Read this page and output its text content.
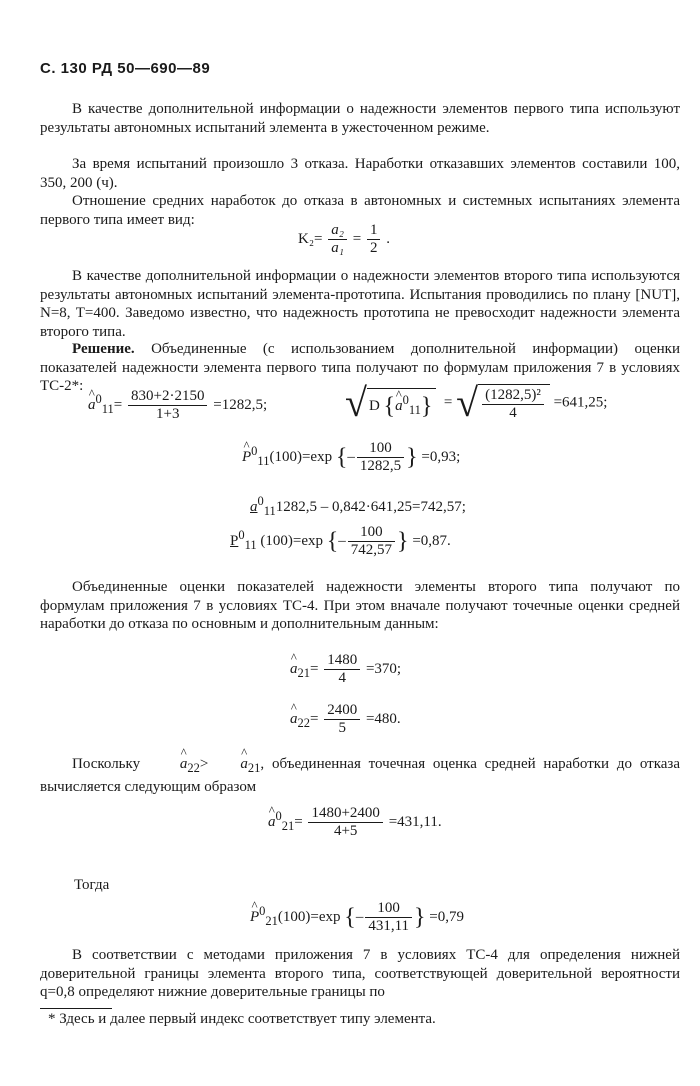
С. 130 РД 50—690—89

В качестве дополнительной информации о надежности элементов первого типа используют результаты автономных испытаний элемента в ужесточенном режиме.

За время испытаний произошло 3 отказа. Наработки отказавших элементов составили 100, 350, 200 (ч).

Отношение средних наработок до отказа в автономных и системных испытаниях элемента первого типа имеет вид:

$K_2= \frac{\text{a₂}}{\text{a₁}} = \frac{1}{2}$ .

В качестве дополнительной информации о надежности элементов второго типа используются результаты автономных испытаний элемента-прототипа. Испытания проводились по плану [NUT], N=8, T=400. Заведомо известно, что надежность прототипа не превосходит надежности элемента второго типа.

Решение. Объединенные (с использованием дополнительной информации) оценки показателей надежности элемента первого типа получают по формулам приложения 7 в условиях ТС-2*:

^ $a^0_{11}= \frac{830+2\cdot 2150}{1+3} =1282,5$; √ D {^ $a^0_{11}$}  = √ $\frac{\text{(1282,5)²}}{4} =641,25$;
^ $P^0_{11}(100)=\exp$ {– $\frac{100}{1282,5}$ } =0,93;
$a^0_{11}1282,5 - 0,842\cdot 641,25=742,57$;
$P^0_{11}$ (100)=exp {– $\frac{100}{742,57}$ } =0,87.

Объединенные оценки показателей надежности элементы второго типа получают по формулам приложения 7 в условиях ТС-4. При этом вначале получают точечные оценки средней наработки до отказа по основным и дополнительным данным:

^ $a_{21}= \frac{1480}{4} =370$;
^ $a_{22}= \frac{2400}{5} =480$.

Поскольку	^ $a_{22}>$ ^ $a_{21}$, объединенная точечная оценка средней наработки до отказа вычисляется следующим образом

^ $a^0_{21}= \frac{1480+2400}{4+5} =431,11$.

Тогда

^ $P^0_{21}(100)=\exp$ {– $\frac{100}{431,11}$ } =0,79

В соответствии с методами приложения 7 в условиях ТС-4 для определения нижней доверительной границы элемента второго типа, соответствующей доверительной вероятности q=0,8 определяют нижние доверительные границы по

* Здесь и далее первый индекс соответствует типу элемента.
